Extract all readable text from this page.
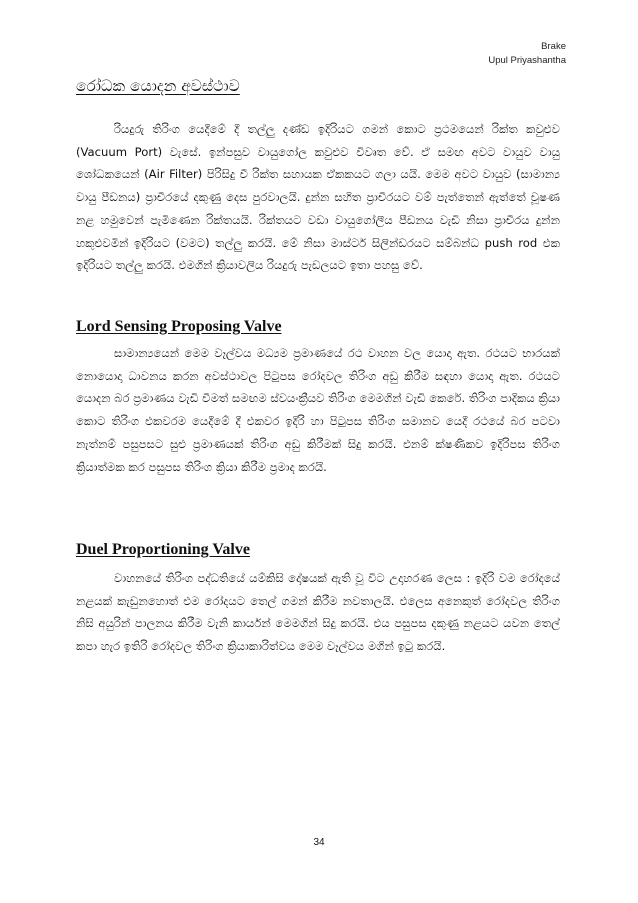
Brake
Upul Priyashantha
රෝධක යොදන අවස්ථාව
රියදුරු තිරිංග යෙදීමේ දී තල්ලු දණ්ඩ ඉදිරියට ගමන් කොට ප්‍රථමයෙන් රික්ත කවුළුව (Vacuum Port) වැසේ. ඉන්පසුව වායුගෝල කවුළුව විවෘත වේ. ඒ සමඟ අවට වායුව වායු ශෝධකයෙන් (Air Filter) පිරිසිදු වී රික්ත සහායක ඒකකයට ගලා යයි. මෙම අවට වායුව (සාමාන්‍ය වායු පීඩනය) ප්‍රාචීරයේ දකුණු දෙස පුරවාලයි. දුන්න සහිත ප්‍රාචීරයට වම් පැත්තෙන් ඇත්තේ චූෂණ නළ හමුවෙන් පැමිණෙන රික්තයයි. රික්තයට වඩා වායුගෝලීය පීඩනය වැඩි නිසා ප්‍රාචීරය දුන්න හකුළුවමින් ඉදිරියට (වමට) තල්ලු කරයි. මේ නිසා මාස්ටර් සිලින්ඩරයට සම්බන්ධ push rod එක ඉදිරියට තල්ලු කරයි. එමගින් ක්‍රියාවලිය රියදුරු පැඩලයට ඉතා පහසු වේ.
Lord Sensing Proposing Valve
සාමාන්‍යයෙන් මෙම වෑල්වය මධ්‍යම ප්‍රමාණයේ රථ වාහන වල යොදා ඇත. රථයට භාරයක් නොයොදා ධාවනය කරන අවස්ථාවල පිටුපස රෝදවල තිරිංග අඩු කිරීම සඳහා යොදා ඇත. රථයට යොදන බර ප්‍රමාණය වැඩි වීමත් සමඟම ස්වයංක්‍රීයව තිරිංග මෙමගින් වැඩි කෙරේ. තිරිංග පාදිකය ක්‍රියා කොට තිරිංග එකවරම යෙදීමේ දී එකවර ඉදිරි හා පිටුපස තිරිංග සමානව යෙදී රථයේ බර පටවා නැත්නම් පසුපසට සුළු ප්‍රමාණයක් තිරිංග අඩු කිරීමක් සිදු කරයි. එනම් ක්ෂණිකව ඉදිරිපස තිරිංග ක්‍රියාත්මක කර පසුපස තිරිංග ක්‍රියා කිරීම ප්‍රමාද කරයි.
Duel Proportioning Valve
වාහනයේ තිරිංග පද්ධතියේ යම්කිසි දෝෂයක් ඇති වූ විට උදාහරණ ලෙස : ඉදිරි වම රෝදයේ නළයක් කැඩුනහොත් එම රෝදයට තෙල් ගමන් කිරීම නවතාලයි. එලෙස අනෙකුත් රෝදවල තිරිංග නිසි අයුරින් පාලනය කිරීම වැනි කාර්යන් මෙමගින් සිදු කරයි. එය පසුපස දකුණු නළයට යවන තෙල් කපා හැර ඉතිරි රෝදවල තිරිංග ක්‍රියාකාරිත්වය මෙම වෑල්වය මගින් ඉටු කරයි.
34
